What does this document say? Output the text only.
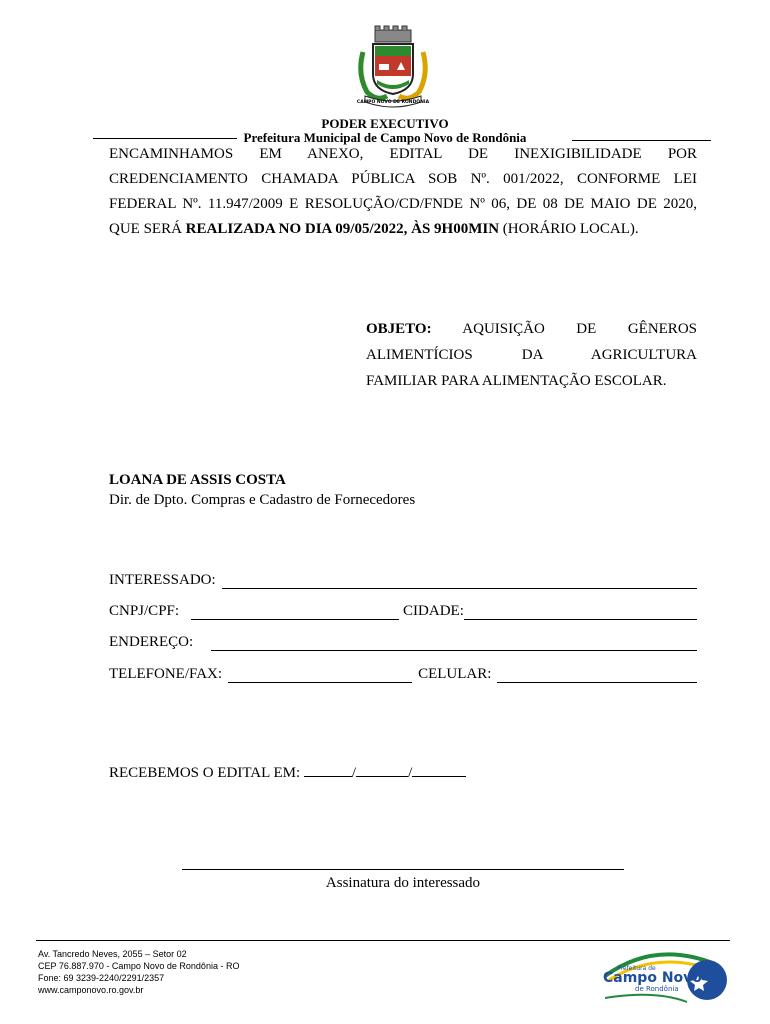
CAMPO NOVO DE RONDÔNIA
PODER EXECUTIVO
Prefeitura Municipal de Campo Novo de Rondônia
ENCAMINHAMOS EM ANEXO, EDITAL DE INEXIGIBILIDADE POR
CREDENCIAMENTO CHAMADA PÚBLICA SOB Nº. 001/2022, CONFORME LEI
FEDERAL Nº. 11.947/2009 E RESOLUÇÃO/CD/FNDE Nº 06, DE 08 DE MAIO DE 2020,
QUE SERÁ REALIZADA NO DIA 09/05/2022, ÀS 9H00MIN (HORÁRIO LOCAL).
OBJETO: AQUISIÇÃO DE GÊNEROS
ALIMENTÍCIOS DA AGRICULTURA
FAMILIAR PARA ALIMENTAÇÃO ESCOLAR.
LOANA DE ASSIS COSTA
Dir. de Dpto. Compras e Cadastro de Fornecedores
INTERESSADO:
CNPJ/CPF:	CIDADE:
ENDEREÇO:
TELEFONE/FAX:	CELULAR:
RECEBEMOS O EDITAL EM:	/	/
Assinatura do interessado
Av. Tancredo Neves, 2055 – Setor 02
CEP 76.887.970 - Campo Novo de Rondônia - RO
Fone: 69 3239-2240/2291/2357
www.camponovo.ro.gov.br
Prefeitura de
Campo Novo
de Rondônia
